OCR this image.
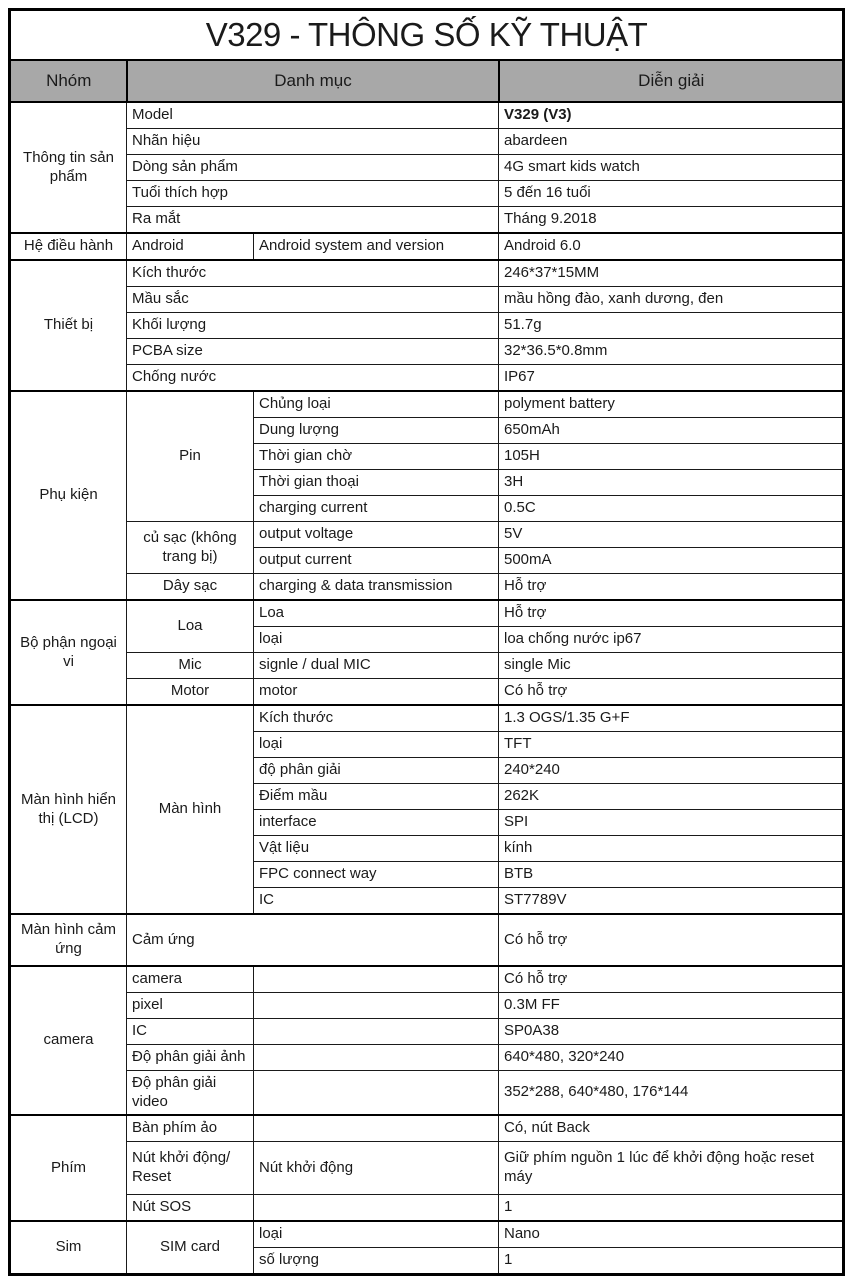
V329 - THÔNG SỐ KỸ THUẬT			
Nhóm	Danh mục		Diễn giải
Thông tin sản phẩm	Model		V329 (V3)
	Nhãn hiệu		abardeen
	Dòng sản phẩm		4G smart kids watch
	Tuổi thích hợp		5 đến 16 tuổi
	Ra mắt		Tháng 9.2018
Hệ điều hành	Android	Android system and version	Android 6.0
Thiết bị	Kích thước		246*37*15MM
	Mầu sắc		mầu hồng đào, xanh dương, đen
	Khối lượng		51.7g
	PCBA size		32*36.5*0.8mm
	Chống nước		IP67
Phụ kiện	Pin	Chủng loại	polyment battery
		Dung lượng	650mAh
		Thời gian chờ	105H
		Thời gian thoại	3H
		charging current	0.5C
	củ sạc (không trang bị)	output voltage	5V
		output current	500mA
	Dây sạc	charging & data transmission	Hỗ trợ
Bộ phận ngoại vi	Loa	Loa	Hỗ trợ
		loại	loa chống nước ip67
	Mic	signle / dual MIC	single Mic
	Motor	motor	Có hỗ trợ
Màn hình hiển thị (LCD)	Màn hình	Kích thước	1.3 OGS/1.35 G+F
		loại	TFT
		độ phân giải	240*240
		Điểm mầu	262K
		interface	SPI
		Vật liệu	kính
		FPC connect way	BTB
		IC	ST7789V
Màn hình cảm ứng	Cảm ứng		Có hỗ trợ
camera	camera		Có hỗ trợ
	pixel		0.3M FF
	IC		SP0A38
	Độ phân giải ảnh		640*480, 320*240
	Độ phân giải video		352*288, 640*480, 176*144
Phím	Bàn phím ảo		Có, nút Back
	Nút khởi động/ Reset	Nút khởi động	Giữ phím nguồn 1 lúc để khởi động hoặc reset máy
	Nút SOS		1
Sim	SIM card	loại	Nano
		số lượng	1
